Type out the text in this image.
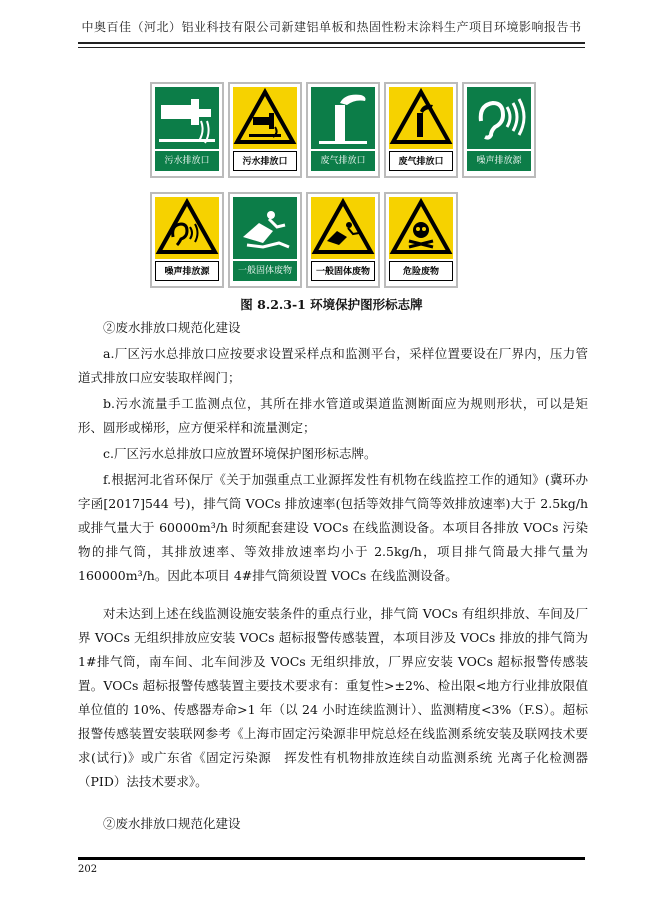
中奥百佳（河北）铝业科技有限公司新建铝单板和热固性粉末涂料生产项目环境影响报告书
污水排放口	污水排放口	废气排放口	废气排放口	噪声排放源
噪声排放源	一般固体废物	一般固体废物	危险废物
图 8.2.3-1 环境保护图形标志牌
②废水排放口规范化建设
a.厂区污水总排放口应按要求设置采样点和监测平台，采样位置要设在厂界内，压力管道式排放口应安装取样阀门；
b.污水流量手工监测点位，其所在排水管道或渠道监测断面应为规则形状，可以是矩形、圆形或梯形，应方便采样和流量测定；
c.厂区污水总排放口应放置环境保护图形标志牌。
f.根据河北省环保厅《关于加强重点工业源挥发性有机物在线监控工作的通知》(冀环办字函[2017]544 号)，排气筒 VOCs 排放速率(包括等效排气筒等效排放速率)大于 2.5kg/h 或排气量大于 60000m³/h 时须配套建设 VOCs 在线监测设备。本项目各排放 VOCs 污染物的排气筒，其排放速率、等效排放速率均小于 2.5kg/h，项目排气筒最大排气量为 160000m³/h。因此本项目 4#排气筒须设置 VOCs 在线监测设备。
对未达到上述在线监测设施安装条件的重点行业，排气筒 VOCs 有组织排放、车间及厂界 VOCs 无组织排放应安装 VOCs 超标报警传感装置，本项目涉及 VOCs 排放的排气筒为 1#排气筒，南车间、北车间涉及 VOCs 无组织排放，厂界应安装 VOCs 超标报警传感装置。VOCs 超标报警传感装置主要技术要求有：重复性>±2%、检出限<地方行业排放限值单位值的 10%、传感器寿命>1 年（以 24 小时连续监测计）、监测精度<3%（F.S）。超标报警传感装置安装联网参考《上海市固定污染源非甲烷总烃在线监测系统安装及联网技术要求(试行)》或广东省《固定污染源　挥发性有机物排放连续自动监测系统 光离子化检测器（PID）法技术要求》。
②废水排放口规范化建设
202
